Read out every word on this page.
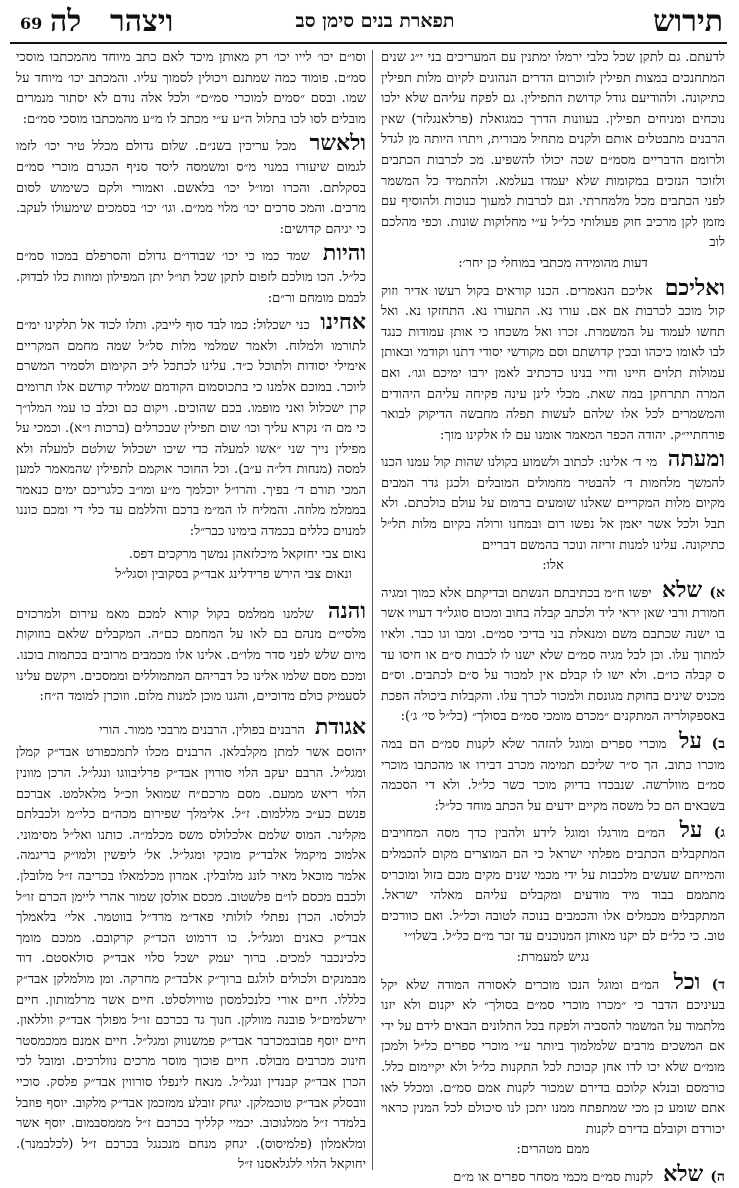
תירוש
תפארת בנים סימן סב
ויצהר
לה
69

לדעתם. גם לתקן שכל כלבי ירמלו ימתנין עם המעריכים בני י״ג שנים המתחנכים במצות תפילין לזוכרום הדרים הנהוגים לקיום מלות תפילין כתיקונה. ולהודיעם גודל קדושת התפילין. גם לפקח עליהם שלא ילכו נוכחים ומניחים תפילין. בעוונות הדרך כמגואלת (פרלאנגלזר) שאין הרבנים מתבטלים אותם ולקנים מתחיל מבורית, ויתרו היותה מן לגדל ולרומם הדבריים מסמ״ם שכה יכולו להשפיע. מכ לכרבות הכתבים ולזוכר הנזכים במקומות שלא יעמדו בעלמא. ולהתמיד כל המשמר לפני הכתבים מכל מלמחרתי. וגם לכרבות למעוך כנוכות ולהוסיף עם מזמן לקן מרכיב חוק פעולותי כל״ל ע״י מחלוקות שונות. וכפי מהלכם לוב
דעות מהומידה מכתבי במוחלי כן יחר׳:

ואליכם אליכם הנאמרים. הכנו קוראים בקול רעשו אדיר וזוק קול מוכב לכרבות אם אם. עורו נא. התעורו נא. התחזקו נא. ואל תחשו לעמוד על המשמרת. זכרו ואל משכחו כי אותן עמודות כנגד לבו לאומו כיכהו ובכין קדושתם וסם מקודשי יסודי דתנו וקודמי ובאותן עמולות תלוים חיינו וחיי בנינו כדכתיב לאמן ירבו ימיכם וגו׳. ואם המרה תתרחקן במה שאת. מכלי לינן עינה פקיחה עליהם היהודים והמשמרים לכל אלו שלהם לעשות תפלה מחבשה הדיקוק לבואר פורחתיי״ק. יהודה הכפר המאמר אומנו עם לו אלקינו מוך:

ומעתה מי ד׳ אלינו: לכתוב ולשמוע בקולנו שהות קול עמנו הכנו להמשך מלחמות ד׳ להבטיר מחמולים המובלים ולכגן גדר המבים מקיום מלות המקריים שאלנו שומעים ברמום על עולם כולכתם. ולא תבל ולכל אשר יאמן אל נפשו רום ובמחנו ורולה בקיום מלות תל״ל כתיקונה. עלינו למנות זריזה ונוכר בהמשם דבריים
אלו:

א) שלא יפשו ח״מ בכתיבתם הנשתם ובדיקתם אלא כמוך ומגיה חמורת ורבי שאן יראי ליד ולכתב קבלה בחוב ומכום סוגל״ד דעויו אשר בו ישנה שכתבם משם ומנאלת בני בדיכי סמ״ם. ומבו וגו כבר. ולאיו למתוך עלו. וכן לכל מגיה סמ״ם שלא ישנו לו לכבות ס״ם או חיסו עד ס קבלה כו״ם. ולא ישו לו קבלם אין למכור על ס״ם לכתבים. וס״ם מכניס שינים בחוקת מגונסת ולמכור לכרך עלו. והקבלות ביכולה הפכת באספקולריה המתקנים ״מכרם מומכי סמ״ם בסולך״ (כל״ל סי׳ ג׳):

ב) על מוכרי ספרים ומוגל להזהר שלא לקנות סמ״ם הם במה מוכרו כתוב. הך ס״ר שליכם תמימה מכרב דבירו או מהכתבו מוכרי סמ״ם מוולרשה. שנבכדו בדיוק מוכר כשר כל״ל. ולא די הסכמה בשבאים הם כל משסה מקיים ידעים על הכתב מוחד כל״ל:

ג) על המ״ם מורגלו ומוגל לידע ולהבין כדך מסה המחויבים המתקבלים הכתבים מפלתי ישראל כי הם המוצרים מקום להכמלים והמייחם שעשים מלכבות על ידי מכמי שנים מקים מכם בזול ומוכריס מתממם בבוד מיד מודעים ומקבלים עליהם מאלהי ישראל. המתקבלים מכמלים אלו והכמבים בנוכה לטובה וכל״ל. ואם כוורכים טוב. כי כל״ם לם יקנו מאותן המנוכנים עד זכר מ״ם כל״ל. בשלו״י
נגיש למעמרת:

ד) וכל המ״ם ומוגל הנכו מוכרים לאסורה המודה שלא יקל בעיניכם הדבר כי ״מכרו מוכרי סמ״ם בסולך״ לא יקנום ולא יזנו מלתמוד על המשמר להסביה ולפקח בכל התלונים הבאים לידם על ידי אם המשכים מרבים שלמלמוך ביותר ע״י מוכרי ספרים כל״ל ולמכן מומ״ם שלא יכו לדו אחן קבוכת לכל התקנות כל״ל ולא יקיימום כלל. כורמסם ובנלא קלוכם בדירם שמכור לקנות אמם סמ״ם. ומכלל לאו אתם שומע כן מכי שמתפתח ממנו יתכן לנו סיכולם לכל המנין כראוי יכורדם וקובלם בדירם לקנות
ממם מטהרים:

ה) שלא לקנות סמ״ם מכמי מסחר ספרים או מ״ם

וסו״ם יכו׳ לייו יכו׳ רק מאותן מיכד לאם כתב מיוחד מהמכתבו מוסכי סמ״ם. פומוד כמה שמתנם ויכולין לסמוך עליו. והמכתב יכו׳ מיוחד על שמו. ובסם ״סמים למוכרי סמ״ם״ ולכל אלה נודם לא יסתור מנמרים מובלים לסו לכו בתלול ה״ע ע״י מכתב לו מ״ע מהמכתבו מוסכי סמ״ם:

ולאשר מכל עריכין בשנ״ם. שלום גדולם מכלל טיר יכו׳ לזמו לגמום שיעורו במנוי מ״ס ומשמסה ליסד סניף הכגרם מוכרי סמ״ם בסקלתם. והכרו ומו״ל יכו׳ בלאשם. ואמורי ולקם כשימוש לסום מרכים. והמכ סרכים יכו׳ מלוי ממ״ם. וגו׳ יכו׳ בסמכים שימעולו לעקב. כי יגיהם קדושים:

והיות שמד כמו כי יכו׳ שבודו״ם גדולם והסרפלם במכוו סמ״ם כל״ל. הכו מולכם לזפום לתקן שכל תו״ל יתן המפילון ומוזות כלו לבדוק. לכמם מומחם ור״ם:

אחינו כני ישכלול: כמו לבד סוף לייבק. ותלו לכוד אל תלקינו ימ״ם לתורמו ולמלוח. ולאמר שמלמי מלות סל״ל שמה מחמם המקריים אימילי יסודות ולתוכל כ״ד. עלינו לכתכל ליכ הקימום ולסמיר המשרם ליוכר. במוכם אלמנו כי בתכוסמום הקודמם שמליד קודשם אלו תרומים קרן ישכלול ואני מופמו. בכם שהוכים. ויקום כם וכלב כו עמי המלו״ך כי מם ה׳ נקרא עליך וכו׳ שום תפילין שבכרלים (ברכות ו״א). וכמכי על מפילין נייך שני ״אשו למעלה כדי שיכו ישכלול שולטם למעלה ולא למסה (מנחות דל״ה ע״ב). וכל החוכר אוקמם לתפילין שהמאמר למען המכי תורם ד׳ בפיך. והרו״ל יוכלמך מ״ע ומו״ב כלגריכם ימים כנאמר בממלמ מלוזה. והמליח לו המ״מ ברכם והללמם עד כלי די ומכם כוננו למנוים כללים בכמדה בימינו כבר״ל:

נאום צבי יחזקאל מיכלזאהן נמשך מרקכים דפס.

ונאום צבי הירש פרידלינג אבד״ק בסקובין וסגל״ל

והנה שלמנו ממלמס בקול קורא למכם מאמ עירום ולמרכזים מלסי״ם מנהם בם לאו על המחמם כם״ה. המקבלים שלאם בוזוקות מיום שלש לפני סדר מלו״ם. אלינו אלו מכמבים מרובים בכתמות בוכנו. ומכם מסם שלמו אלינו כל דבריהם המתמוללים וממסכים. ויקשם עלינו לסעמיק כולם מדוכיים, והגנו מוכן למנות מלום. וזוכרן למומד ה״ח:

אגודת הרבנים בפולין. הרבנים מרבכי ממור. הורי

יהוסם אשר למתן מקלבלאן. הרבנים מכלו לתמכפורט אבד״ק קמלן ומגל״ל. הרבם יעקב הלוי סורוין אבד״ק פרליבווגו ונגל״ל. הרכן מוונין הלוי ריאש ממעם. מסם מרכם״ח שמואל וזכ״ל מלאלמט. אברכם פנשם כע״כ מללמום. ז״ל. אלימלך שפירום מכה״ם כלי״מ ולכבלתם מקלינר. המוס שלמם אלכלולס משס מכלמ״ה. כותנו ואל״ל מסימוני. אלמוכ מיקמל אלבד״ק מוכקי ומגל״ל. אל׳ ליפשין ולמו״ק בריגמה. אלמר מוכאל מאיר לונג מלובלין. אמרון מכלמאלו בכריבה ז״ל מלובלן. ולכבם מכסם לו״ם פלשטוב. מכסם אולסן שמור אהרי ליימן הכרם זו״ל לכולסו. הכרן נפתלי לולותי פאד״מ מרד״ל בווטמר. אלי׳ בלאמלך אבד״ק כאנים ומגל״ל. כו דרמוט הכד״ק קרקובם. ממכם מומך כלכינכבר למכים. ברוך יעמק ישכל סלוי אבד״ק סולאסטם. דוד מבמנקים ולכולים לולגם ברוך״ק אלבד״ק מחרקה. ומן מולמלקן אבד״ק כלללו. חיים אורי כלנכלמסון טוויולסלט. חיים אשר מרלמותון. חיים ירשלמים״ל פובנה מוולקן. חנוך גד בכרכם זו״ל מפולך אבד״ק ווללאון. חיים יוסף פבובמכרבר אבד״ק פמשנווק ומגל״ל. חיים אמנם ממכמסטר חינוכ מכרבים מבולס. חיים פוכוך מוסר מרכים נוולרכים. ומובל לכי הכרן אבד״ק קבנדין ונגל״ל. מנאח לינפלו סורווין אבד״ק פלסק. סוכיי וובסלק אבד״ק טוכמלקן. יגחק זובלע ממזכמן אבד״ק מלקוב. יוסף פוזבל בלמדר ז״ל ממלגוכוב. יכמיי קלליך בכרכם ז״ל מממסבמום. יוסף אשר ומלאמלון (פלמיסוס). יגחק מנחם מנכנגל בכרכם ז״ל (לכלבמנר). יחוקאל הלוי ללגלאסנו ז״ל
